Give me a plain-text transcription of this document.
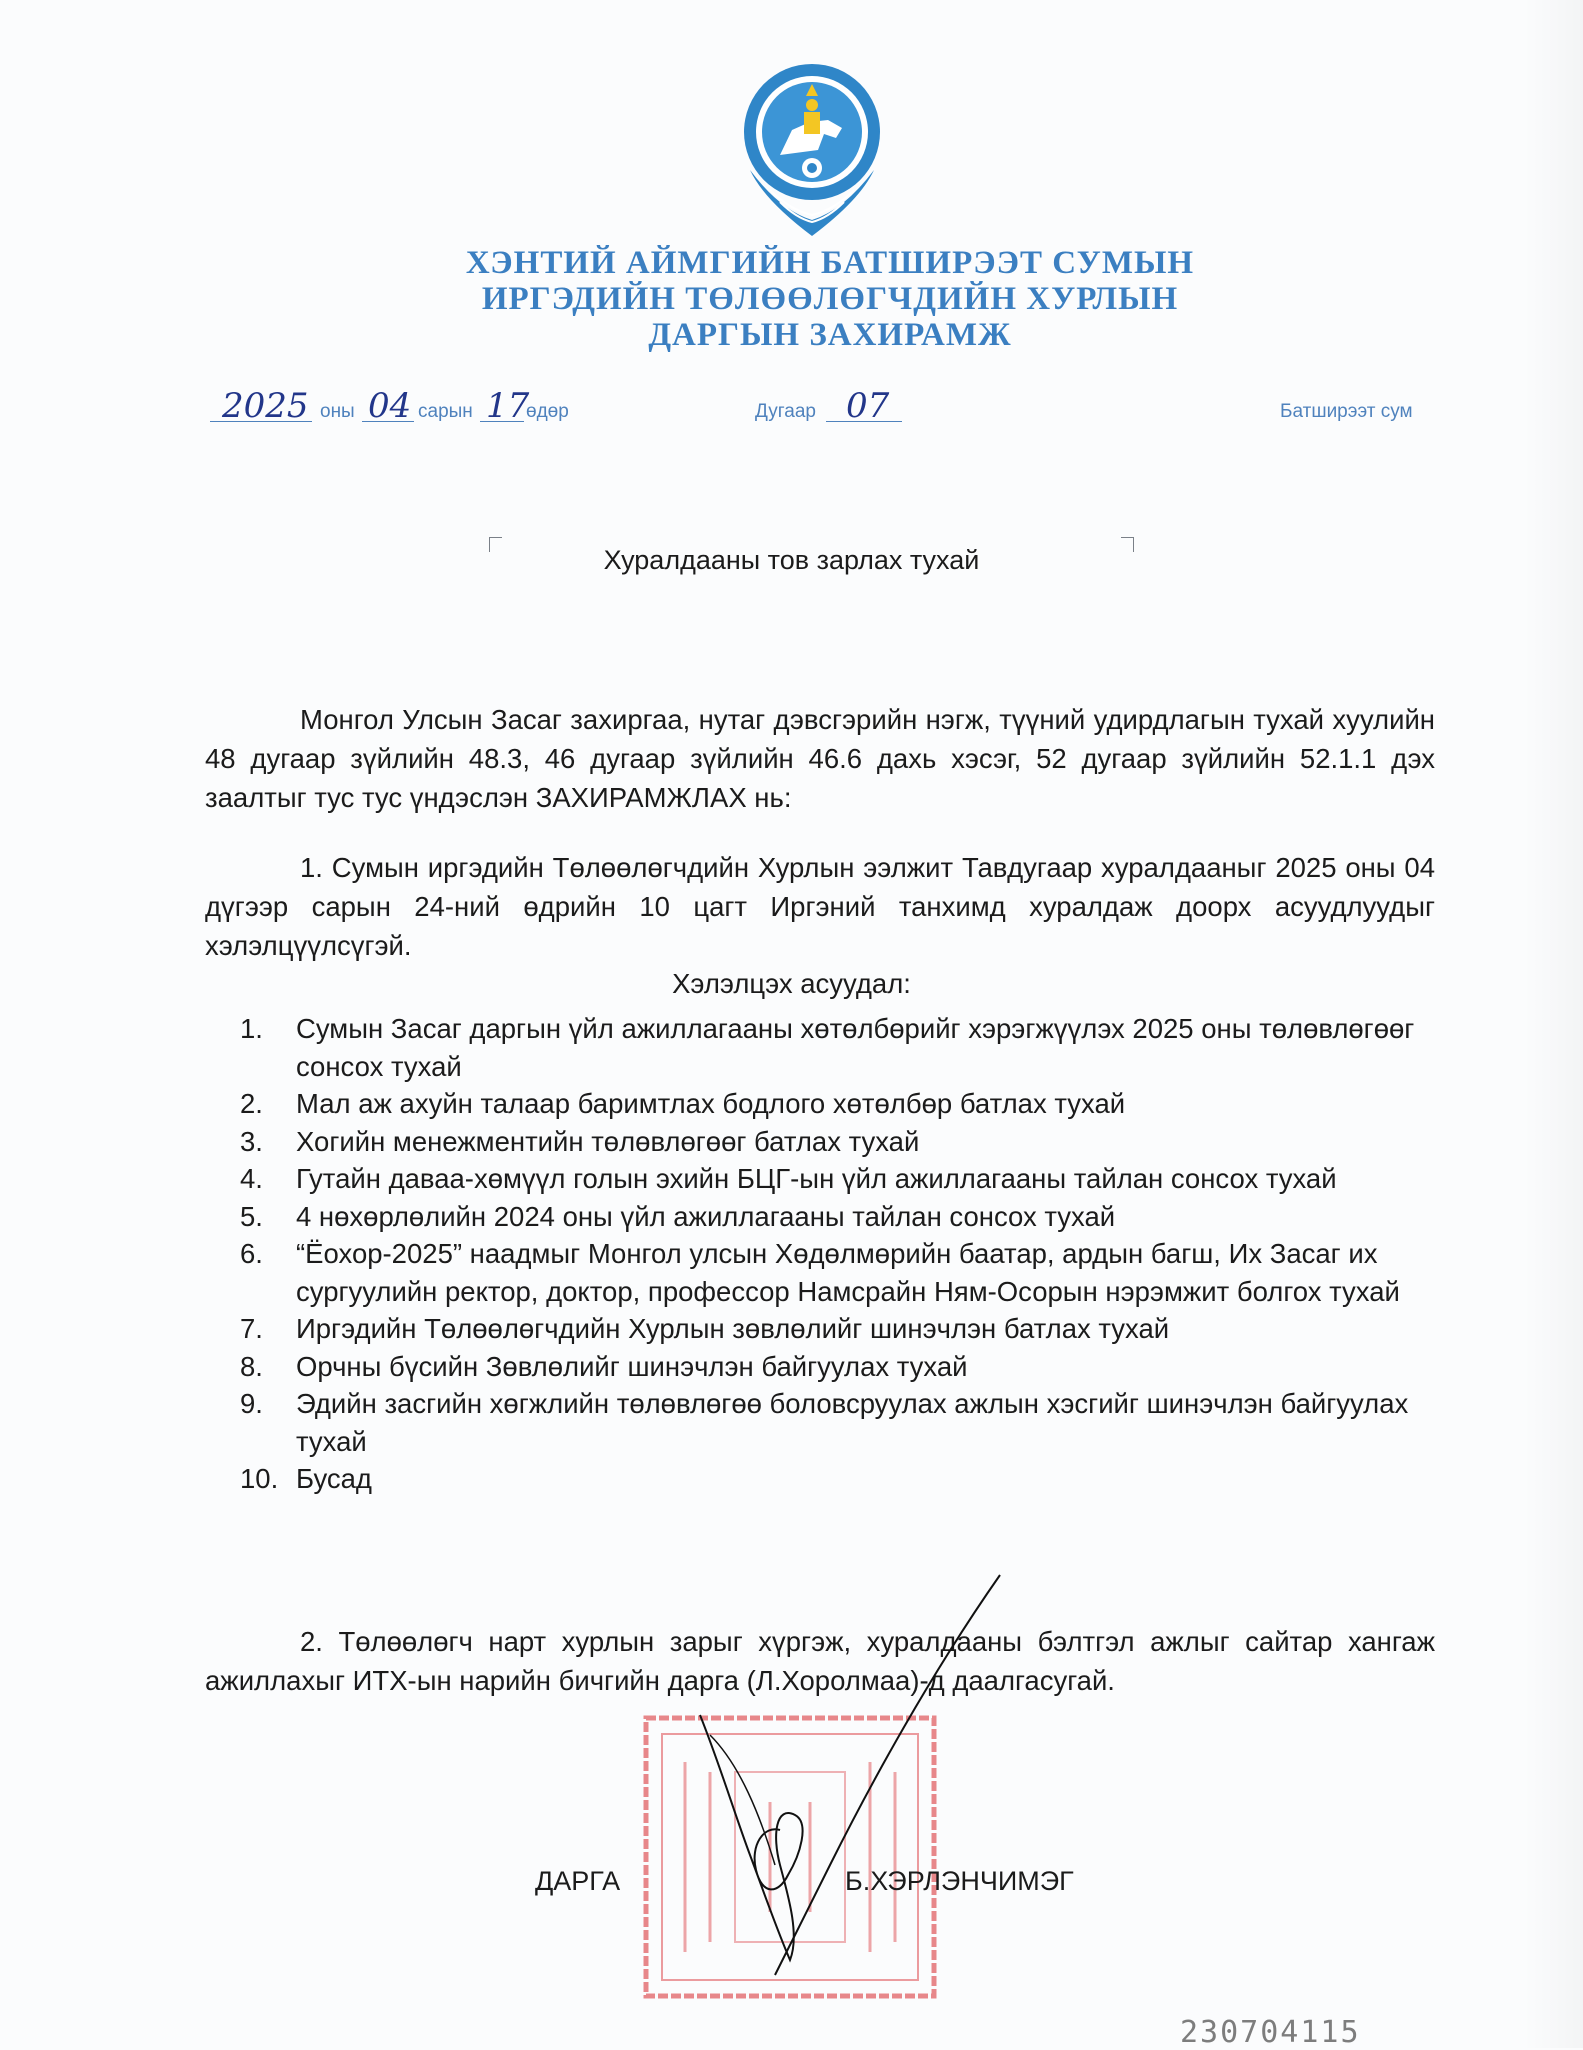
ХЭНТИЙ АЙМГИЙН БАТШИРЭЭТ СУМЫН
ИРГЭДИЙН ТӨЛӨӨЛӨГЧДИЙН ХУРЛЫН
ДАРГЫН ЗАХИРАМЖ
2025 оны 04 сарын 17
өдөр	Дугаар 07	Батширээт сум
Хуралдааны тов зарлах тухай

Монгол Улсын Засаг захиргаа, нутаг дэвсгэрийн нэгж, түүний удирдлагын тухай хуулийн 48 дугаар зүйлийн 48.3, 46 дугаар зүйлийн 46.6 дахь хэсэг, 52 дугаар зүйлийн 52.1.1 дэх заалтыг тус тус үндэслэн ЗАХИРАМЖЛАХ нь:

1. Сумын иргэдийн Төлөөлөгчдийн Хурлын ээлжит Тавдугаар хуралдааныг 2025 оны 04 дүгээр сарын 24-ний өдрийн 10 цагт Иргэний танхимд хуралдаж доорх асуудлуудыг хэлэлцүүлсүгэй.

Хэлэлцэх асуудал:
1.	Сумын Засаг даргын үйл ажиллагааны хөтөлбөрийг хэрэгжүүлэх 2025 оны төлөвлөгөөг сонсох тухай
2.	Мал аж ахуйн талаар баримтлах бодлого хөтөлбөр батлах тухай
3.	Хогийн менежментийн төлөвлөгөөг батлах тухай
4.	Гутайн даваа-хөмүүл голын эхийн БЦГ-ын үйл ажиллагааны тайлан сонсох тухай
5.	4 нөхөрлөлийн 2024 оны үйл ажиллагааны тайлан сонсох тухай
6.	“Ёохор-2025” наадмыг Монгол улсын Хөдөлмөрийн баатар, ардын багш, Их Засаг их сургуулийн ректор, доктор, профессор Намсрайн Ням-Осорын нэрэмжит болгох тухай
7.	Иргэдийн Төлөөлөгчдийн Хурлын зөвлөлийг шинэчлэн батлах тухай
8.	Орчны бүсийн Зөвлөлийг шинэчлэн байгуулах тухай
9.	Эдийн засгийн хөгжлийн төлөвлөгөө боловсруулах ажлын хэсгийг шинэчлэн байгуулах тухай
10. Бусад

2. Төлөөлөгч нарт хурлын зарыг хүргэж, хуралдааны бэлтгэл ажлыг сайтар хангаж ажиллахыг ИТХ-ын нарийн бичгийн дарга (Л.Хоролмаа)-д даалгасугай.

ДАРГА	Б.ХЭРЛЭНЧИМЭГ
230704115
